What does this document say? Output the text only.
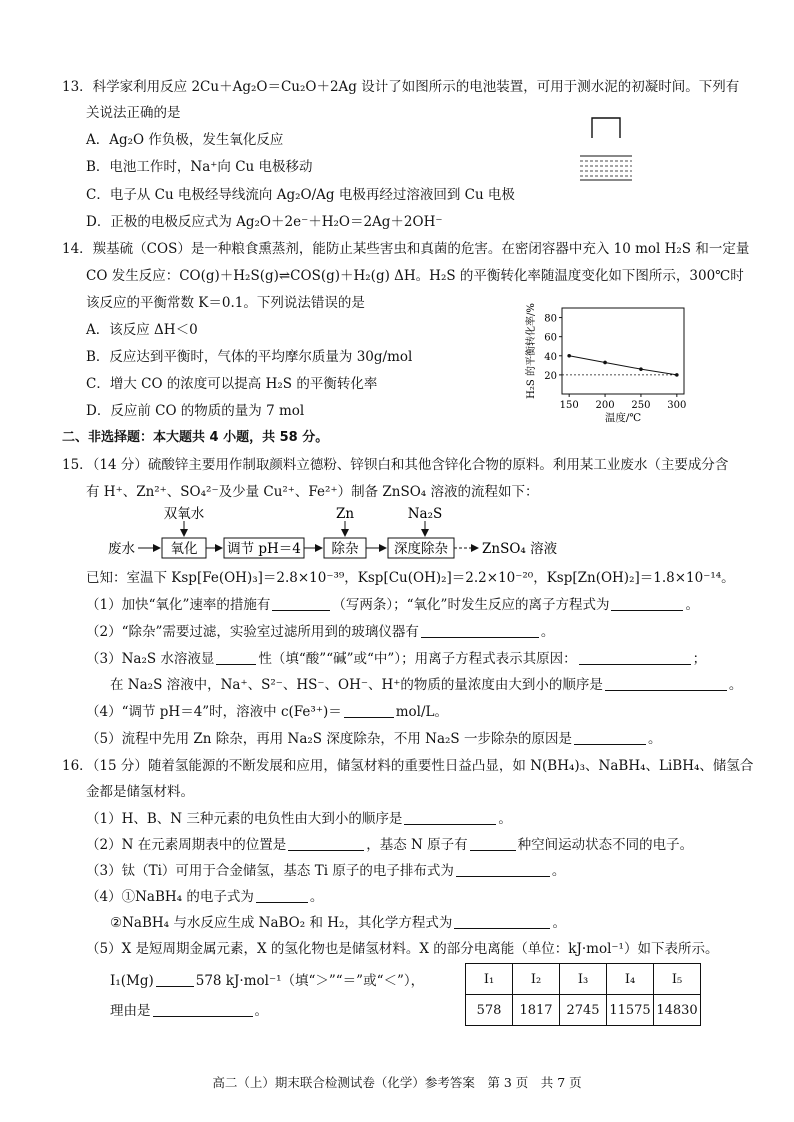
13．科学家利用反应 2Cu＋Ag₂O＝Cu₂O＋2Ag 设计了如图所示的电池装置，可用于测水泥的初凝时间。下列有
关说法正确的是
A．Ag₂O 作负极，发生氧化反应
B．电池工作时，Na⁺向 Cu 电极移动
C．电子从 Cu 电极经导线流向 Ag₂O/Ag 电极再经过溶液回到 Cu 电极
D．正极的电极反应式为 Ag₂O＋2e⁻＋H₂O＝2Ag＋2OH⁻
14．羰基硫（COS）是一种粮食熏蒸剂，能防止某些害虫和真菌的危害。在密闭容器中充入 10 mol H₂S 和一定量
CO 发生反应：CO(g)＋H₂S(g)⇌COS(g)＋H₂(g) ΔH。H₂S 的平衡转化率随温度变化如下图所示，300℃时
该反应的平衡常数 K＝0.1。下列说法错误的是
A．该反应 ΔH＜0
B．反应达到平衡时，气体的平均摩尔质量为 30g/mol
C．增大 CO 的浓度可以提高 H₂S 的平衡转化率
D．反应前 CO 的物质的量为 7 mol
20
40
60
80
150 200 250 300
温度/℃
H₂S 的平衡转化率/%
二、非选择题：本大题共 4 小题，共 58 分。
15．（14 分）硫酸锌主要用作制取颜料立德粉、锌钡白和其他含锌化合物的原料。利用某工业废水（主要成分含
有 H⁺、Zn²⁺、SO₄²⁻及少量 Cu²⁺、Fe²⁺）制备 ZnSO₄ 溶液的流程如下：
双氧水	Zn	Na₂S
废水	氧化 调节 pH＝4 除杂	深度除杂	ZnSO₄ 溶液
已知：室温下 Ksp[Fe(OH)₃]＝2.8×10⁻³⁹，Ksp[Cu(OH)₂]＝2.2×10⁻²⁰，Ksp[Zn(OH)₂]＝1.8×10⁻¹⁴。
（1）加快“氧化”速率的措施有	（写两条）；“氧化”时发生反应的离子方程式为	。
（2）“除杂”需要过滤，实验室过滤所用到的玻璃仪器有	。
（3）Na₂S 水溶液显	性（填“酸”“碱”或“中”）；用离子方程式表示其原因：	；
在 Na₂S 溶液中，Na⁺、S²⁻、HS⁻、OH⁻、H⁺的物质的量浓度由大到小的顺序是	。
（4）“调节 pH＝4”时，溶液中 c(Fe³⁺)＝	mol/L。
（5）流程中先用 Zn 除杂，再用 Na₂S 深度除杂，不用 Na₂S 一步除杂的原因是	。
16．（15 分）随着氢能源的不断发展和应用，储氢材料的重要性日益凸显，如 N(BH₄)₃、NaBH₄、LiBH₄、储氢合
金都是储氢材料。
（1）H、B、N 三种元素的电负性由大到小的顺序是	。
（2）N 在元素周期表中的位置是	，基态 N 原子有	种空间运动状态不同的电子。
（3）钛（Ti）可用于合金储氢，基态 Ti 原子的电子排布式为	。
（4）①NaBH₄ 的电子式为	。
②NaBH₄ 与水反应生成 NaBO₂ 和 H₂，其化学方程式为	。
（5）X 是短周期金属元素，X 的氢化物也是储氢材料。X 的部分电离能（单位：kJ·mol⁻¹）如下表所示。
I₁(Mg)	578 kJ·mol⁻¹（填“＞”“＝”或“＜”），
理由是	。
I₁	I₂	I₃	I₄	I₅
578	1817	2745	11575	14830
高二（上）期末联合检测试卷（化学）参考答案　第 3 页　共 7 页
